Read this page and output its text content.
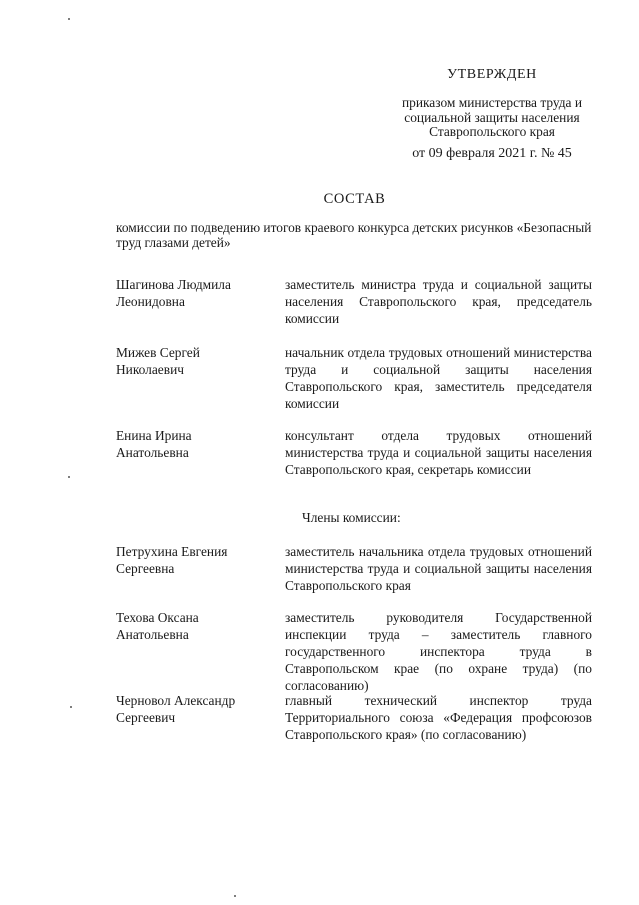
УТВЕРЖДЕН
приказом министерства труда и социальной защиты населения Ставропольского края
от 09 февраля 2021 г. № 45
СОСТАВ
комиссии по подведению итогов краевого конкурса детских рисунков «Безопасный труд глазами детей»
Шагинова Людмила
Леонидовна
заместитель министра труда и социальной защиты населения Ставропольского края, председатель комиссии
Мижев Сергей
Николаевич
начальник отдела трудовых отношений министерства труда и социальной защиты населения Ставропольского края, заместитель председателя комиссии
Енина Ирина
Анатольевна
консультант отдела трудовых отношений министерства труда и социальной защиты населения Ставропольского края, секретарь комиссии
Члены комиссии:
Петрухина Евгения
Сергеевна
заместитель начальника отдела трудовых отношений министерства труда и социальной защиты населения Ставропольского края
Техова Оксана
Анатольевна
заместитель руководителя Государственной инспекции труда – заместитель главного государственного инспектора труда в Ставропольском крае (по охране труда) (по согласованию)
Черновол Александр
Сергеевич
главный технический инспектор труда Территориального союза «Федерация профсоюзов Ставропольского края» (по согласованию)
